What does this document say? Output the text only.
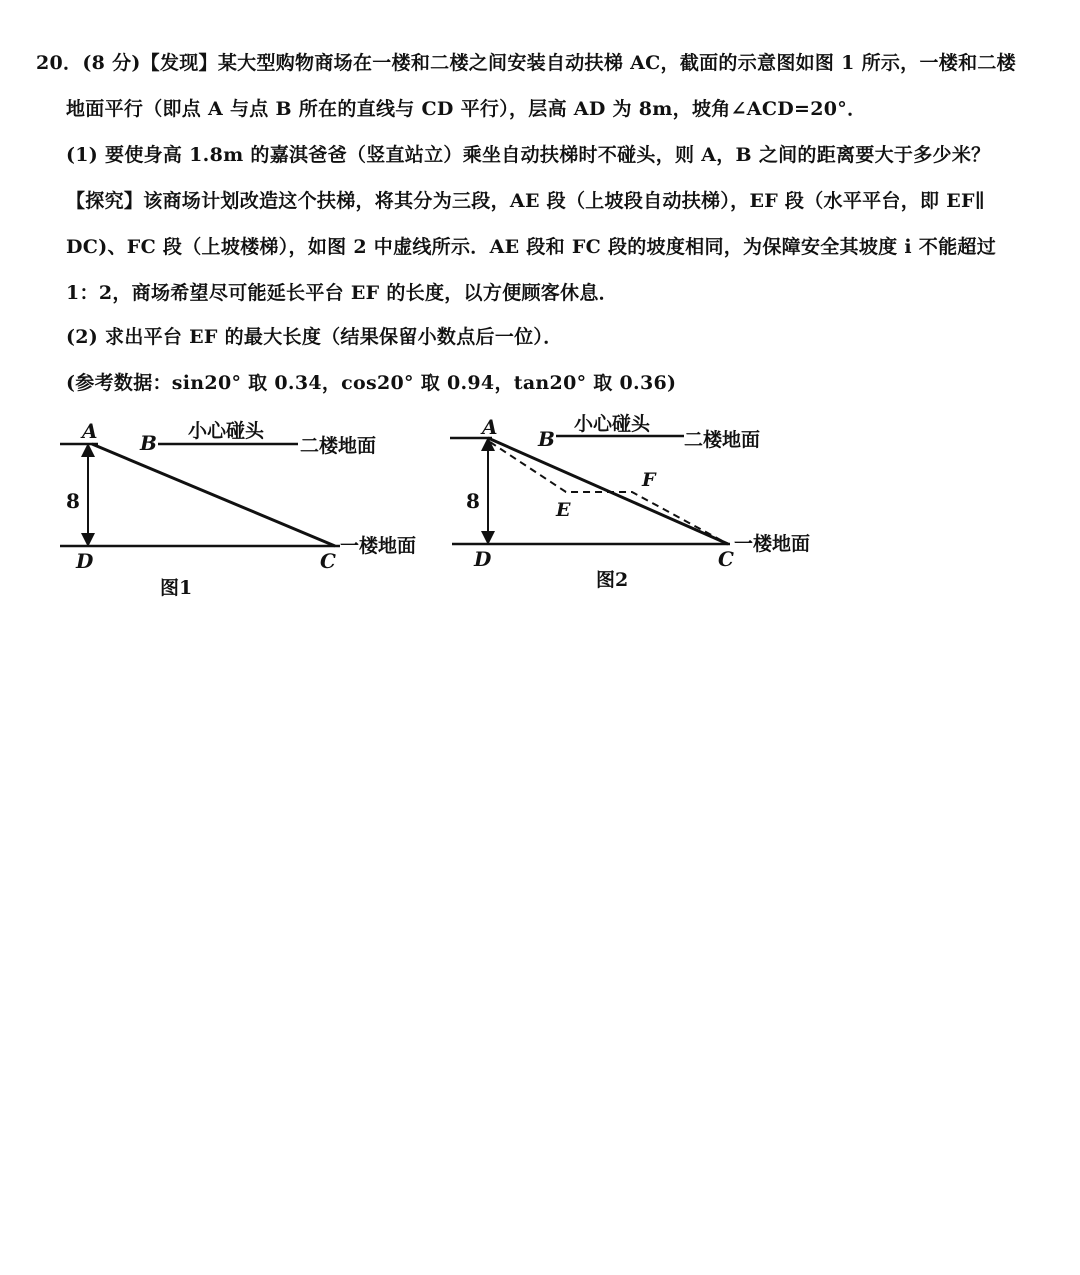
20．(8 分)【发现】某大型购物商场在一楼和二楼之间安装自动扶梯 AC，截面的示意图如图 1 所示，一楼和二楼

地面平行（即点 A 与点 B 所在的直线与 CD 平行），层高 AD 为 8m，坡角∠ACD=20°．

(1) 要使身高 1.8m 的嘉淇爸爸（竖直站立）乘坐自动扶梯时不碰头，则 A，B 之间的距离要大于多少米？

【探究】该商场计划改造这个扶梯，将其分为三段，AE 段（上坡段自动扶梯），EF 段（水平平台，即 EF∥

DC)、FC 段（上坡楼梯），如图 2 中虚线所示．AE 段和 FC 段的坡度相同，为保障安全其坡度 i 不能超过

1：2，商场希望尽可能延长平台 EF 的长度，以方便顾客休息．

(2) 求出平台 EF 的最大长度（结果保留小数点后一位）．

(参考数据：sin20° 取 0.34，cos20° 取 0.94，tan20° 取 0.36)

A B
C
D
8
小心碰头
二楼地面
一楼地面
图1
A B
C
D
E
F
8
小心碰头
二楼地面
一楼地面
图2
